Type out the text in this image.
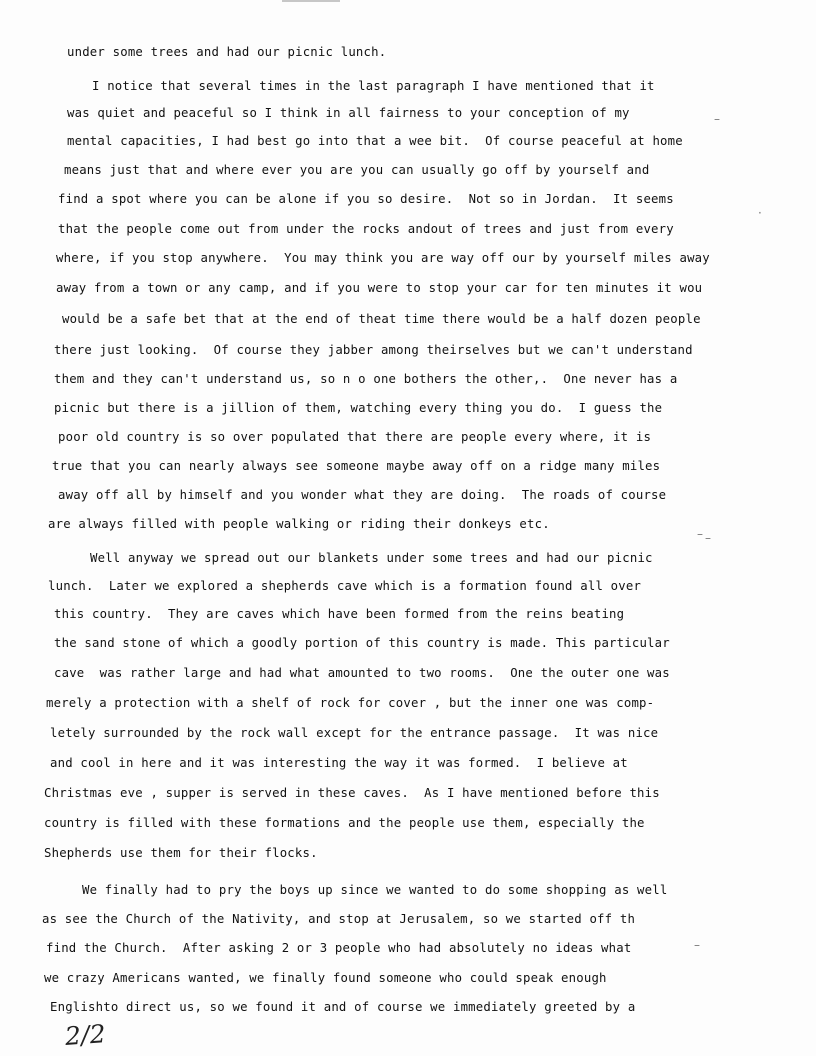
under some trees and had our picnic lunch.
I notice that several times in the last paragraph I have mentioned that it
was quiet and peaceful so I think in all fairness to your conception of my
mental capacities, I had best go into that a wee bit.  Of course peaceful at home
means just that and where ever you are you can usually go off by yourself and
find a spot where you can be alone if you so desire.  Not so in Jordan.  It seems
that the people come out from under the rocks andout of trees and just from every
where, if you stop anywhere.  You may think you are way off our by yourself miles away
away from a town or any camp, and if you were to stop your car for ten minutes it wou
would be a safe bet that at the end of theat time there would be a half dozen people
there just looking.  Of course they jabber among theirselves but we can't understand
them and they can't understand us, so n o one bothers the other,.  One never has a
picnic but there is a jillion of them, watching every thing you do.  I guess the
poor old country is so over populated that there are people every where, it is
true that you can nearly always see someone maybe away off on a ridge many miles
away off all by himself and you wonder what they are doing.  The roads of course
are always filled with people walking or riding their donkeys etc.
Well anyway we spread out our blankets under some trees and had our picnic
lunch.  Later we explored a shepherds cave which is a formation found all over
this country.  They are caves which have been formed from the reins beating
the sand stone of which a goodly portion of this country is made. This particular
cave  was rather large and had what amounted to two rooms.  One the outer one was
merely a protection with a shelf of rock for cover , but the inner one was comp-
letely surrounded by the rock wall except for the entrance passage.  It was nice
and cool in here and it was interesting the way it was formed.  I believe at
Christmas eve , supper is served in these caves.  As I have mentioned before this
country is filled with these formations and the people use them, especially the
Shepherds use them for their flocks.
We finally had to pry the boys up since we wanted to do some shopping as well
as see the Church of the Nativity, and stop at Jerusalem, so we started off th
find the Church.  After asking 2 or 3 people who had absolutely no ideas what
we crazy Americans wanted, we finally found someone who could speak enough
Englishto direct us, so we found it and of course we immediately greeted by a
2/2
–
·
– –
–
